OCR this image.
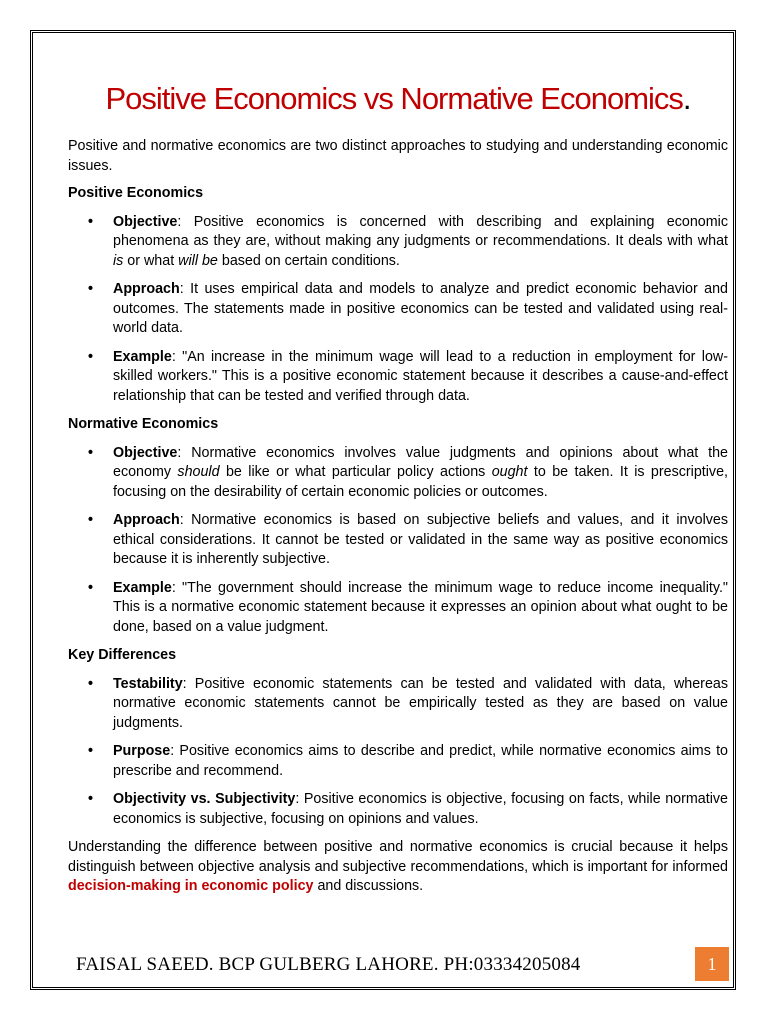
Positive Economics vs Normative Economics.

Positive and normative economics are two distinct approaches to studying and understanding economic issues.

Positive Economics
• Objective: Positive economics is concerned with describing and explaining economic phenomena as they are, without making any judgments or recommendations. It deals with what is or what will be based on certain conditions.
• Approach: It uses empirical data and models to analyze and predict economic behavior and outcomes. The statements made in positive economics can be tested and validated using real-world data.
• Example: "An increase in the minimum wage will lead to a reduction in employment for low-skilled workers." This is a positive economic statement because it describes a cause-and-effect relationship that can be tested and verified through data.
Normative Economics
• Objective: Normative economics involves value judgments and opinions about what the economy should be like or what particular policy actions ought to be taken. It is prescriptive, focusing on the desirability of certain economic policies or outcomes.
• Approach: Normative economics is based on subjective beliefs and values, and it involves ethical considerations. It cannot be tested or validated in the same way as positive economics because it is inherently subjective.
• Example: "The government should increase the minimum wage to reduce income inequality." This is a normative economic statement because it expresses an opinion about what ought to be done, based on a value judgment.
Key Differences
• Testability: Positive economic statements can be tested and validated with data, whereas normative economic statements cannot be empirically tested as they are based on value judgments.
• Purpose: Positive economics aims to describe and predict, while normative economics aims to prescribe and recommend.
• Objectivity vs. Subjectivity: Positive economics is objective, focusing on facts, while normative economics is subjective, focusing on opinions and values.

Understanding the difference between positive and normative economics is crucial because it helps distinguish between objective analysis and subjective recommendations, which is important for informed decision-making in economic policy and discussions.

FAISAL SAEED. BCP GULBERG LAHORE. PH:03334205084	1
